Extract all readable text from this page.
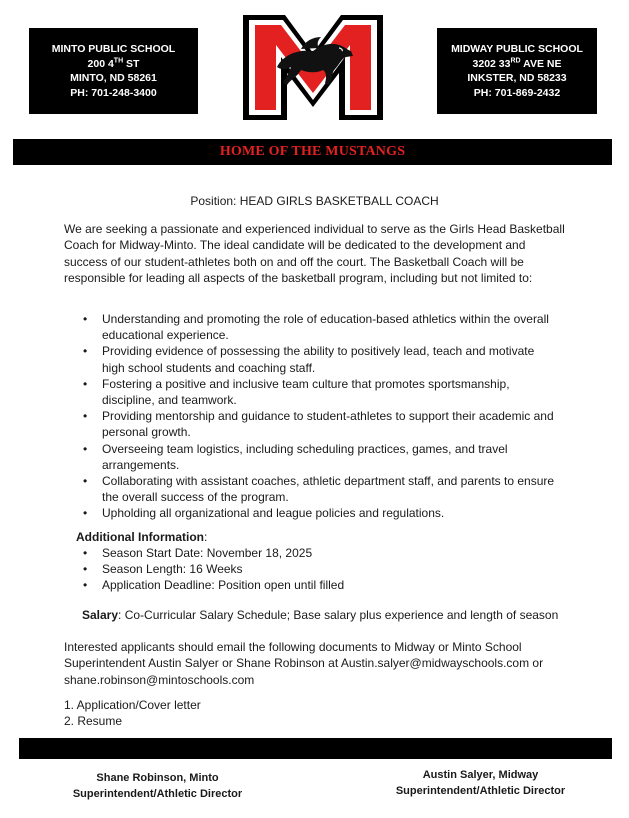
MINTO PUBLIC SCHOOL
200 4TH ST
MINTO, ND 58261
PH: 701-248-3400
MIDWAY PUBLIC SCHOOL
3202 33RD AVE NE
INKSTER, ND 58233
PH: 701-869-2432
HOME OF THE MUSTANGS
Position: HEAD GIRLS BASKETBALL COACH

We are seeking a passionate and experienced individual to serve as the Girls Head Basketball Coach for Midway-Minto. The ideal candidate will be dedicated to the development and success of our student-athletes both on and off the court. The Basketball Coach will be responsible for leading all aspects of the basketball program, including but not limited to:

• Understanding and promoting the role of education-based athletics within the overall educational experience.
• Providing evidence of possessing the ability to positively lead, teach and motivate high school students and coaching staff.
• Fostering a positive and inclusive team culture that promotes sportsmanship, discipline, and teamwork.
• Providing mentorship and guidance to student-athletes to support their academic and personal growth.
• Overseeing team logistics, including scheduling practices, games, and travel arrangements.
• Collaborating with assistant coaches, athletic department staff, and parents to ensure the overall success of the program.
• Upholding all organizational and league policies and regulations.
Additional Information:
• Season Start Date: November 18, 2025
• Season Length: 16 Weeks
• Application Deadline: Position open until filled
Salary: Co-Curricular Salary Schedule; Base salary plus experience and length of season

Interested applicants should email the following documents to Midway or Minto School Superintendent Austin Salyer or Shane Robinson at Austin.salyer@midwayschools.com or shane.robinson@mintoschools.com

1. Application/Cover letter
2. Resume
Shane Robinson, Minto
Superintendent/Athletic Director
Austin Salyer, Midway
Superintendent/Athletic Director
